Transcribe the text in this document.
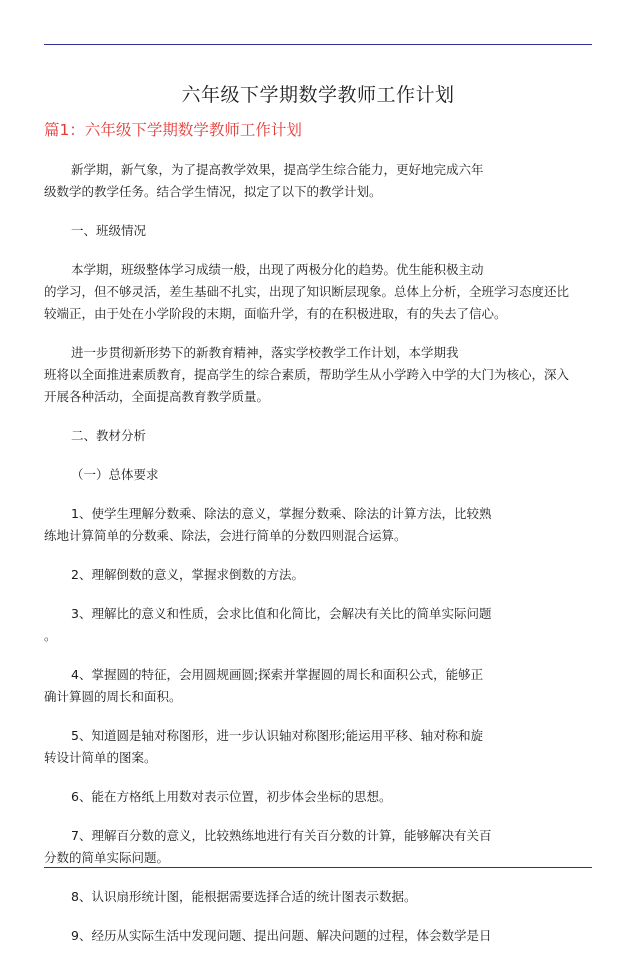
六年级下学期数学教师工作计划
篇1：六年级下学期数学教师工作计划

新学期，新气象，为了提高教学效果，提高学生综合能力，更好地完成六年

级数学的教学任务。结合学生情况，拟定了以下的教学计划。

一、班级情况

本学期，班级整体学习成绩一般，出现了两极分化的趋势。优生能积极主动

的学习，但不够灵活，差生基础不扎实，出现了知识断层现象。总体上分析，全班学习态度还比

较端正，由于处在小学阶段的末期，面临升学，有的在积极进取，有的失去了信心。

进一步贯彻新形势下的新教育精神，落实学校教学工作计划，本学期我

班将以全面推进素质教育，提高学生的综合素质，帮助学生从小学跨入中学的大门为核心，深入

开展各种活动，全面提高教育教学质量。

二、教材分析

（一）总体要求

1、使学生理解分数乘、除法的意义，掌握分数乘、除法的计算方法，比较熟

练地计算简单的分数乘、除法，会进行简单的分数四则混合运算。

2、理解倒数的意义，掌握求倒数的方法。

3、理解比的意义和性质，会求比值和化简比，会解决有关比的简单实际问题

。

4、掌握圆的特征，会用圆规画圆;探索并掌握圆的周长和面积公式，能够正

确计算圆的周长和面积。

5、知道圆是轴对称图形，进一步认识轴对称图形;能运用平移、轴对称和旋

转设计简单的图案。

6、能在方格纸上用数对表示位置，初步体会坐标的思想。

7、理解百分数的意义，比较熟练地进行有关百分数的计算，能够解决有关百

分数的简单实际问题。

8、认识扇形统计图，能根据需要选择合适的统计图表示数据。

9、经历从实际生活中发现问题、提出问题、解决问题的过程，体会数学是日
